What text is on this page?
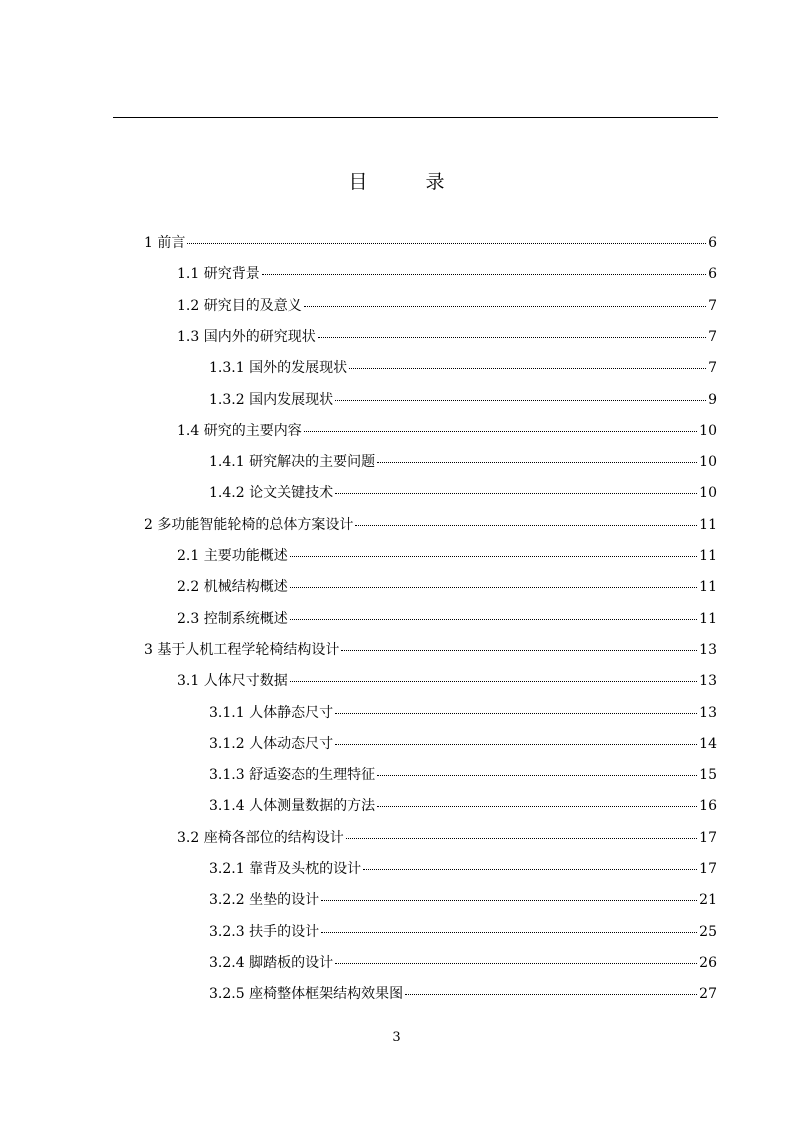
目 录
1 前言	6
1.1 研究背景	6
1.2 研究目的及意义	7
1.3 国内外的研究现状	7
1.3.1 国外的发展现状	7
1.3.2 国内发展现状	9
1.4 研究的主要内容	10
1.4.1 研究解决的主要问题	10
1.4.2 论文关键技术	10
2 多功能智能轮椅的总体方案设计	11
2.1 主要功能概述	11
2.2 机械结构概述	11
2.3 控制系统概述	11
3 基于人机工程学轮椅结构设计	13
3.1 人体尺寸数据	13
3.1.1 人体静态尺寸	13
3.1.2 人体动态尺寸	14
3.1.3 舒适姿态的生理特征	15
3.1.4 人体测量数据的方法	16
3.2 座椅各部位的结构设计	17
3.2.1 靠背及头枕的设计	17
3.2.2 坐垫的设计	21
3.2.3 扶手的设计	25
3.2.4 脚踏板的设计	26
3.2.5 座椅整体框架结构效果图	27
3
